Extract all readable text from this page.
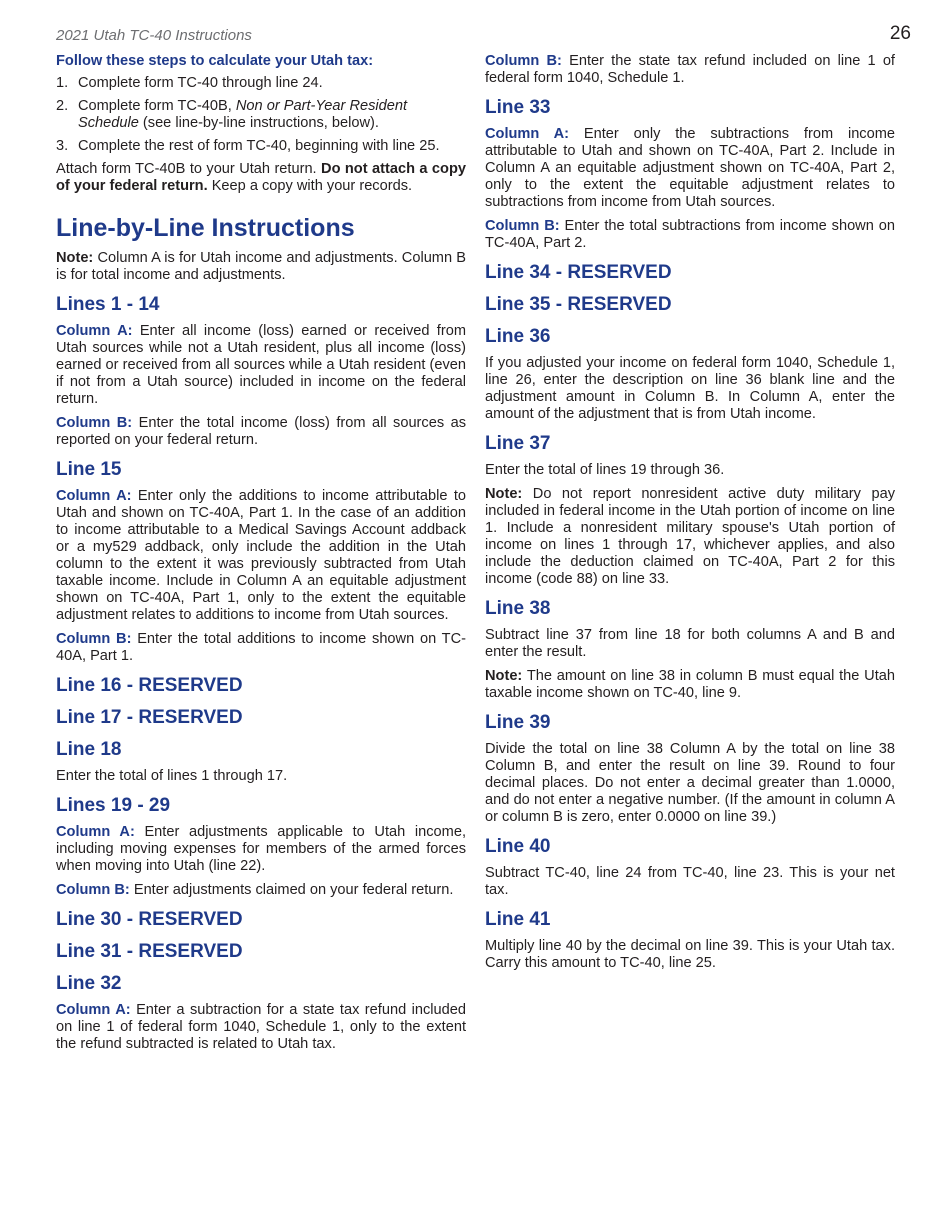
2021 Utah TC-40 Instructions	26
Follow these steps to calculate your Utah tax:
1. Complete form TC-40 through line 24.
2. Complete form TC-40B, Non or Part-Year Resident Schedule (see line-by-line instructions, below).
3. Complete the rest of form TC-40, beginning with line 25.

Attach form TC-40B to your Utah return. Do not attach a copy of your federal return. Keep a copy with your records.

Line-by-Line Instructions

Note: Column A is for Utah income and adjustments. Column B is for total income and adjustments.

Lines 1 - 14

Column A: Enter all income (loss) earned or received from Utah sources while not a Utah resident, plus all income (loss) earned or received from all sources while a Utah resident (even if not from a Utah source) included in income on the federal return.

Column B: Enter the total income (loss) from all sources as reported on your federal return.

Line 15

Column A: Enter only the additions to income attributable to Utah and shown on TC-40A, Part 1. In the case of an addition to income attributable to a Medical Savings Account addback or a my529 addback, only include the addition in the Utah column to the extent it was previously subtracted from Utah taxable income. Include in Column A an equitable adjustment shown on TC-40A, Part 1, only to the extent the equitable adjustment relates to additions to income from Utah sources.

Column B: Enter the total additions to income shown on TC-40A, Part 1.

Line 16 - RESERVED
Line 17 - RESERVED
Line 18

Enter the total of lines 1 through 17.

Lines 19 - 29

Column A: Enter adjustments applicable to Utah income, including moving expenses for members of the armed forces when moving into Utah (line 22).

Column B: Enter adjustments claimed on your federal return.

Line 30 - RESERVED
Line 31 - RESERVED
Line 32

Column A: Enter a subtraction for a state tax refund included on line 1 of federal form 1040, Schedule 1, only to the extent the refund subtracted is related to Utah tax.

Column B: Enter the state tax refund included on line 1 of federal form 1040, Schedule 1.

Line 33

Column A: Enter only the subtractions from income attributable to Utah and shown on TC-40A, Part 2. Include in Column A an equitable adjustment shown on TC-40A, Part 2, only to the extent the equitable adjustment relates to subtractions from income from Utah sources.

Column B: Enter the total subtractions from income shown on TC-40A, Part 2.

Line 34 - RESERVED
Line 35 - RESERVED
Line 36

If you adjusted your income on federal form 1040, Schedule 1, line 26, enter the description on line 36 blank line and the adjustment amount in Column B. In Column A, enter the amount of the adjustment that is from Utah income.

Line 37

Enter the total of lines 19 through 36.

Note: Do not report nonresident active duty military pay included in federal income in the Utah portion of income on line 1. Include a nonresident military spouse's Utah portion of income on lines 1 through 17, whichever applies, and also include the deduction claimed on TC-40A, Part 2 for this income (code 88) on line 33.

Line 38

Subtract line 37 from line 18 for both columns A and B and enter the result.

Note: The amount on line 38 in column B must equal the Utah taxable income shown on TC-40, line 9.

Line 39

Divide the total on line 38 Column A by the total on line 38 Column B, and enter the result on line 39. Round to four decimal places. Do not enter a decimal greater than 1.0000, and do not enter a negative number. (If the amount in column A or column B is zero, enter 0.0000 on line 39.)

Line 40

Subtract TC-40, line 24 from TC-40, line 23. This is your net tax.

Line 41

Multiply line 40 by the decimal on line 39. This is your Utah tax. Carry this amount to TC-40, line 25.
